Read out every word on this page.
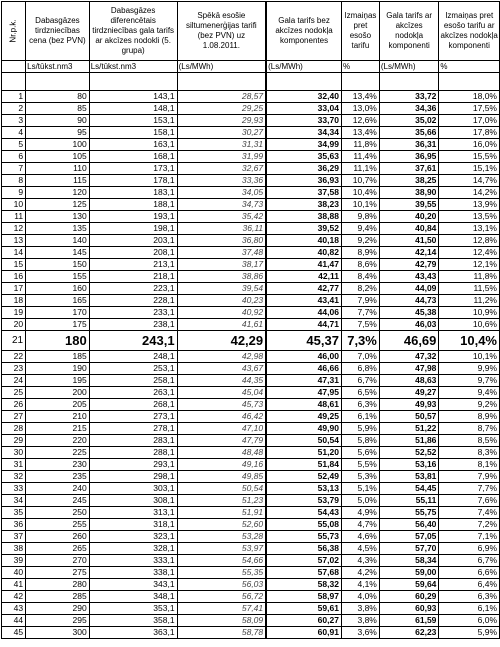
Nr.p.k.	Dabasgāzes tirdzniecības cena (bez PVN)	Dabasgāzes diferencētais tirdzniecības gala tarifs ar akcīzes nodokli (5. grupa)	Spēkā esošie siltumenerģijas tarifi (bez PVN) uz 1.08.2011.	Gala tarifs bez akcīzes nodokļa komponentes	Izmaiņas pret esošo tarifu	Gala tarifs ar akcīzes nodokļa komponenti	Izmaiņas pret esošo tarifu ar akcīzes nodokļa komponenti
	Ls/tūkst.nm3	Ls/tūkst.nm3	(Ls/MWh)	(Ls/MWh)	%	(Ls/MWh)	%

1	80	143,1	28,57	32,40	13,4%	33,72	18,0%
2	85	148,1	29,25	33,04	13,0%	34,36	17,5%
3	90	153,1	29,93	33,70	12,6%	35,02	17,0%
4	95	158,1	30,27	34,34	13,4%	35,66	17,8%
5	100	163,1	31,31	34,99	11,8%	36,31	16,0%
6	105	168,1	31,99	35,63	11,4%	36,95	15,5%
7	110	173,1	32,67	36,29	11,1%	37,61	15,1%
8	115	178,1	33,36	36,93	10,7%	38,25	14,7%
9	120	183,1	34,05	37,58	10,4%	38,90	14,2%
10	125	188,1	34,73	38,23	10,1%	39,55	13,9%
11	130	193,1	35,42	38,88	9,8%	40,20	13,5%
12	135	198,1	36,11	39,52	9,4%	40,84	13,1%
13	140	203,1	36,80	40,18	9,2%	41,50	12,8%
14	145	208,1	37,48	40,82	8,9%	42,14	12,4%
15	150	213,1	38,17	41,47	8,6%	42,79	12,1%
16	155	218,1	38,86	42,11	8,4%	43,43	11,8%
17	160	223,1	39,54	42,77	8,2%	44,09	11,5%
18	165	228,1	40,23	43,41	7,9%	44,73	11,2%
19	170	233,1	40,92	44,06	7,7%	45,38	10,9%
20	175	238,1	41,61	44,71	7,5%	46,03	10,6%
21	180	243,1	42,29	45,37	7,3%	46,69	10,4%
22	185	248,1	42,98	46,00	7,0%	47,32	10,1%
23	190	253,1	43,67	46,66	6,8%	47,98	9,9%
24	195	258,1	44,35	47,31	6,7%	48,63	9,7%
25	200	263,1	45,04	47,95	6,5%	49,27	9,4%
26	205	268,1	45,73	48,61	6,3%	49,93	9,2%
27	210	273,1	46,42	49,25	6,1%	50,57	8,9%
28	215	278,1	47,10	49,90	5,9%	51,22	8,7%
29	220	283,1	47,79	50,54	5,8%	51,86	8,5%
30	225	288,1	48,48	51,20	5,6%	52,52	8,3%
31	230	293,1	49,16	51,84	5,5%	53,16	8,1%
32	235	298,1	49,85	52,49	5,3%	53,81	7,9%
33	240	303,1	50,54	53,13	5,1%	54,45	7,7%
34	245	308,1	51,23	53,79	5,0%	55,11	7,6%
35	250	313,1	51,91	54,43	4,9%	55,75	7,4%
36	255	318,1	52,60	55,08	4,7%	56,40	7,2%
37	260	323,1	53,28	55,73	4,6%	57,05	7,1%
38	265	328,1	53,97	56,38	4,5%	57,70	6,9%
39	270	333,1	54,66	57,02	4,3%	58,34	6,7%
40	275	338,1	55,35	57,68	4,2%	59,00	6,6%
41	280	343,1	56,03	58,32	4,1%	59,64	6,4%
42	285	348,1	56,72	58,97	4,0%	60,29	6,3%
43	290	353,1	57,41	59,61	3,8%	60,93	6,1%
44	295	358,1	58,09	60,27	3,8%	61,59	6,0%
45	300	363,1	58,78	60,91	3,6%	62,23	5,9%
